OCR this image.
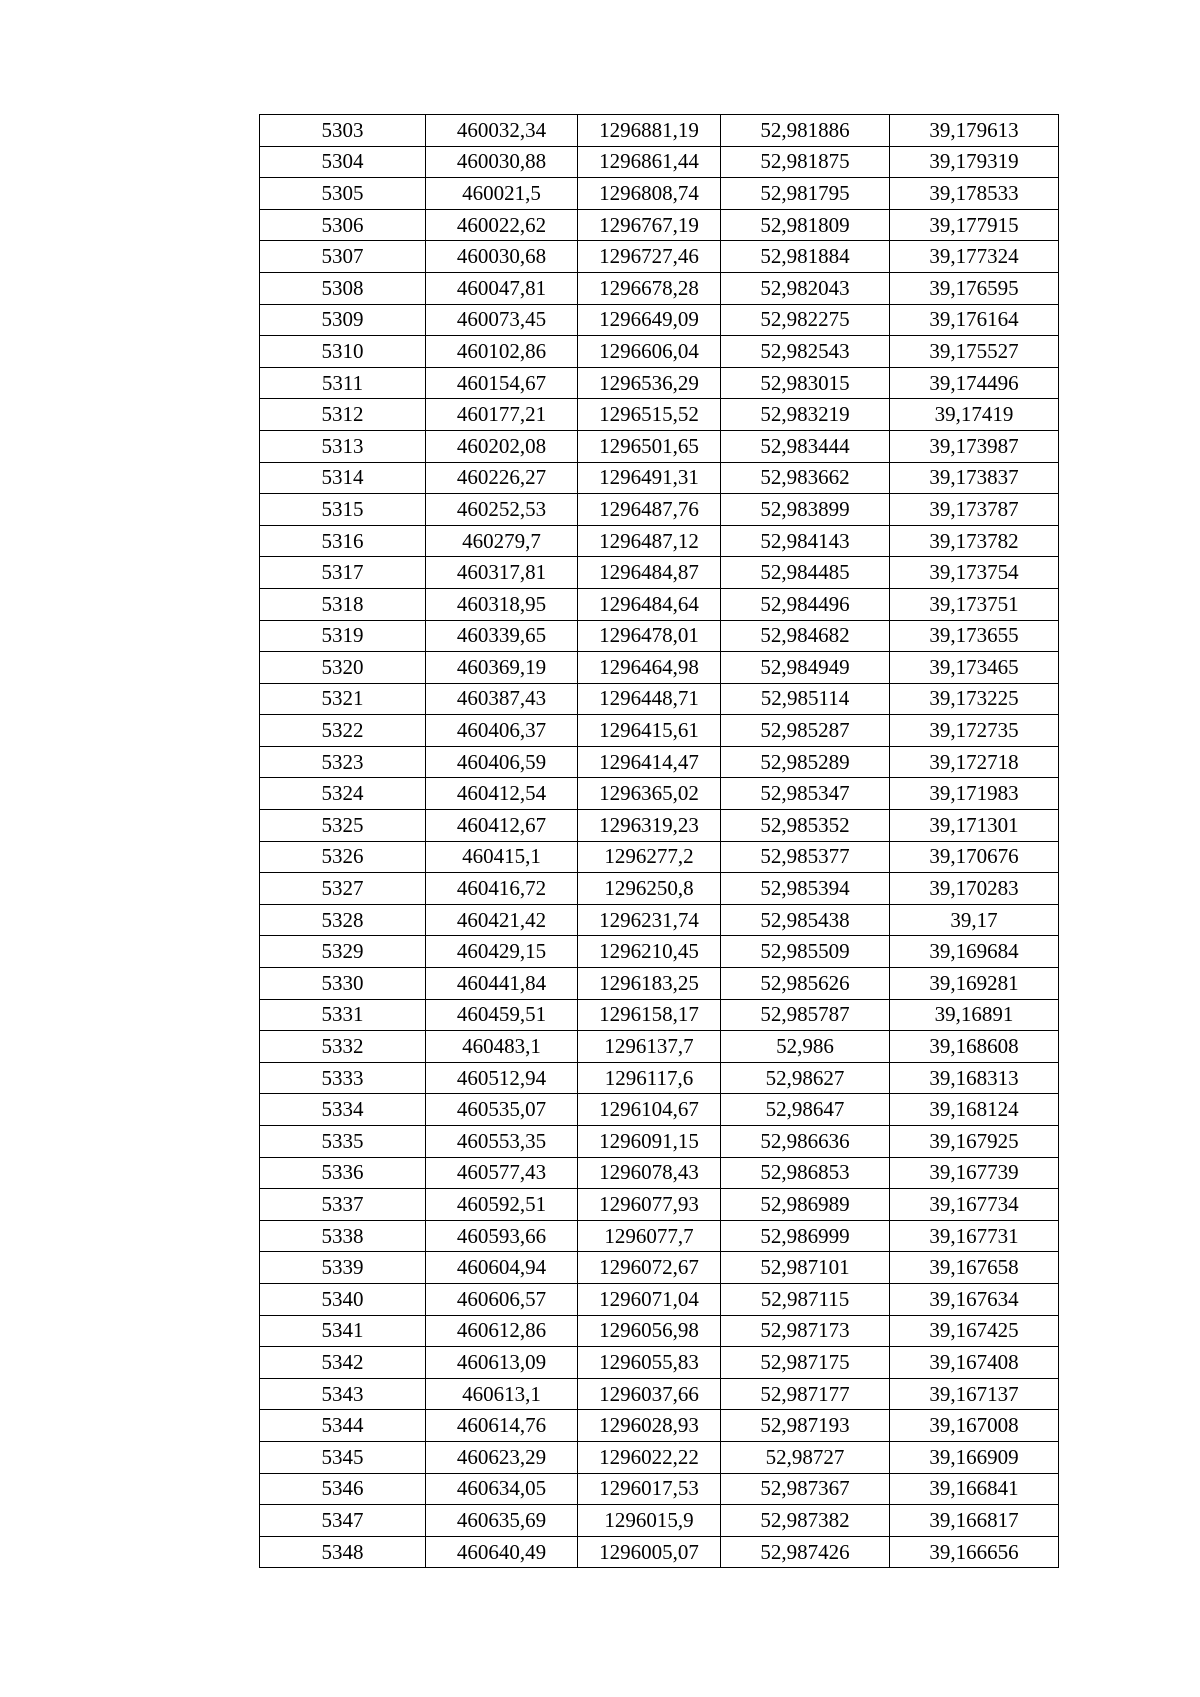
5303	460032,34	1296881,19	52,981886	39,179613
5304	460030,88	1296861,44	52,981875	39,179319
5305	460021,5	1296808,74	52,981795	39,178533
5306	460022,62	1296767,19	52,981809	39,177915
5307	460030,68	1296727,46	52,981884	39,177324
5308	460047,81	1296678,28	52,982043	39,176595
5309	460073,45	1296649,09	52,982275	39,176164
5310	460102,86	1296606,04	52,982543	39,175527
5311	460154,67	1296536,29	52,983015	39,174496
5312	460177,21	1296515,52	52,983219	39,17419
5313	460202,08	1296501,65	52,983444	39,173987
5314	460226,27	1296491,31	52,983662	39,173837
5315	460252,53	1296487,76	52,983899	39,173787
5316	460279,7	1296487,12	52,984143	39,173782
5317	460317,81	1296484,87	52,984485	39,173754
5318	460318,95	1296484,64	52,984496	39,173751
5319	460339,65	1296478,01	52,984682	39,173655
5320	460369,19	1296464,98	52,984949	39,173465
5321	460387,43	1296448,71	52,985114	39,173225
5322	460406,37	1296415,61	52,985287	39,172735
5323	460406,59	1296414,47	52,985289	39,172718
5324	460412,54	1296365,02	52,985347	39,171983
5325	460412,67	1296319,23	52,985352	39,171301
5326	460415,1	1296277,2	52,985377	39,170676
5327	460416,72	1296250,8	52,985394	39,170283
5328	460421,42	1296231,74	52,985438	39,17
5329	460429,15	1296210,45	52,985509	39,169684
5330	460441,84	1296183,25	52,985626	39,169281
5331	460459,51	1296158,17	52,985787	39,16891
5332	460483,1	1296137,7	52,986	39,168608
5333	460512,94	1296117,6	52,98627	39,168313
5334	460535,07	1296104,67	52,98647	39,168124
5335	460553,35	1296091,15	52,986636	39,167925
5336	460577,43	1296078,43	52,986853	39,167739
5337	460592,51	1296077,93	52,986989	39,167734
5338	460593,66	1296077,7	52,986999	39,167731
5339	460604,94	1296072,67	52,987101	39,167658
5340	460606,57	1296071,04	52,987115	39,167634
5341	460612,86	1296056,98	52,987173	39,167425
5342	460613,09	1296055,83	52,987175	39,167408
5343	460613,1	1296037,66	52,987177	39,167137
5344	460614,76	1296028,93	52,987193	39,167008
5345	460623,29	1296022,22	52,98727	39,166909
5346	460634,05	1296017,53	52,987367	39,166841
5347	460635,69	1296015,9	52,987382	39,166817
5348	460640,49	1296005,07	52,987426	39,166656
